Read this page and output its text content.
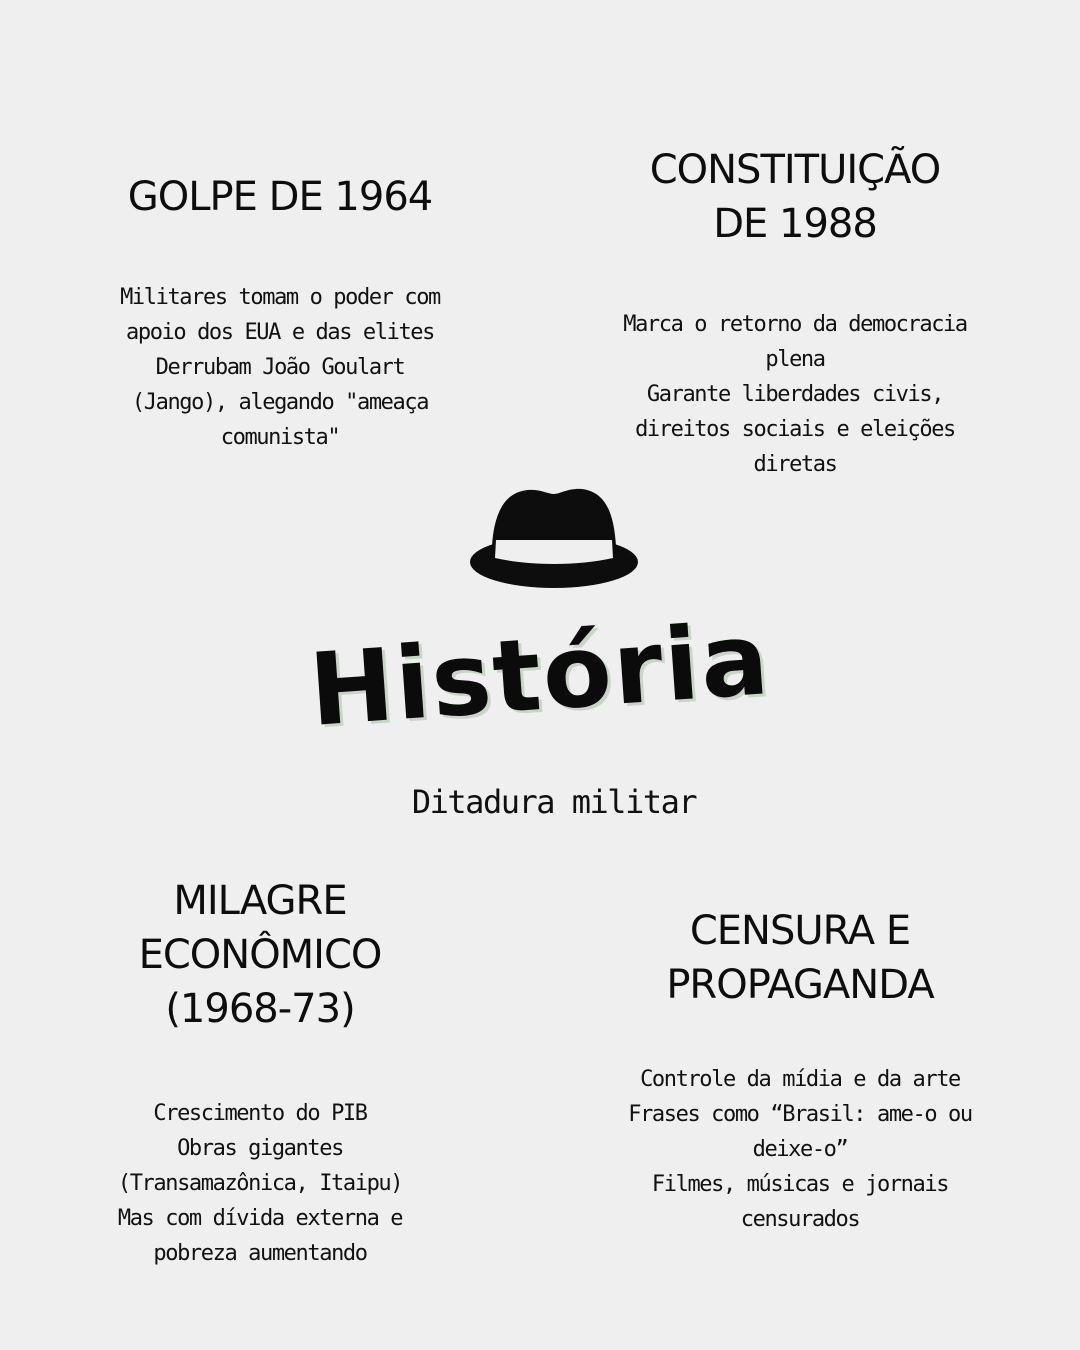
GOLPE DE 1964
Militares tomam o poder com
apoio dos EUA e das elites
Derrubam João Goulart
(Jango), alegando "ameaça
comunista"
CONSTITUIÇÃO
DE 1988
Marca o retorno da democracia
plena
Garante liberdades civis,
direitos sociais e eleições
diretas
História
Ditadura militar
MILAGRE
ECONÔMICO
(1968-73)
Crescimento do PIB
Obras gigantes
(Transamazônica, Itaipu)
Mas com dívida externa e
pobreza aumentando
CENSURA E
PROPAGANDA
Controle da mídia e da arte
Frases como “Brasil: ame-o ou
deixe-o”
Filmes, músicas e jornais
censurados
